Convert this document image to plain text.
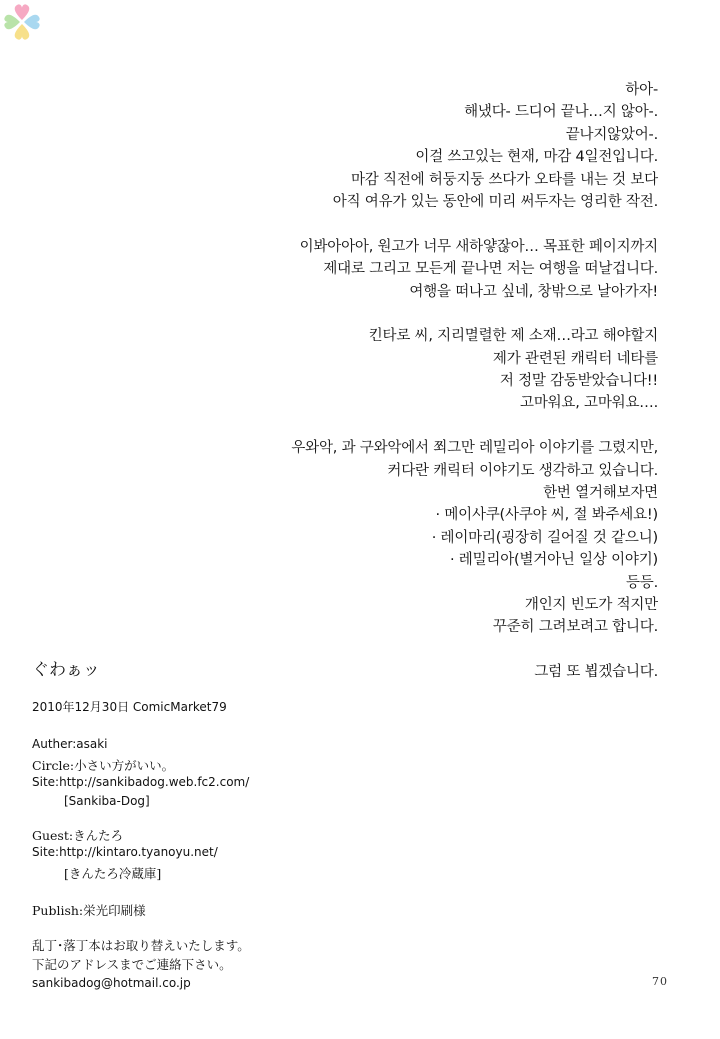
하아-
해냈다- 드디어 끝나…지 않아-.
끝나지않았어-.
이걸 쓰고있는 현재, 마감 4일전입니다.
마감 직전에 허둥지둥 쓰다가 오타를 내는 것 보다
아직 여유가 있는 동안에 미리 써두자는 영리한 작전.
이봐아아아, 원고가 너무 새하얗잖아… 목표한 페이지까지
제대로 그리고 모든게 끝나면 저는 여행을 떠날겁니다.
여행을 떠나고 싶네, 창밖으로 날아가자!
킨타로 씨, 지리멸렬한 제 소재…라고 해야할지
제가 관련된 캐릭터 네타를
저 정말 감동받았습니다!!
고마워요, 고마워요….
우와악, 과 구와악에서 쬐그만 레밀리아 이야기를 그렸지만,
커다란 캐릭터 이야기도 생각하고 있습니다.
한번 열거해보자면
· 메이사쿠(사쿠야 씨, 절 봐주세요!)
· 레이마리(굉장히 길어질 것 같으니)
· 레밀리아(별거아닌 일상 이야기)
등등.
개인지 빈도가 적지만
꾸준히 그려보려고 합니다.
그럼 또 뵙겠습니다.
ぐわぁッ
2010年12月30日 ComicMarket79
Auther:asaki
Circle:小さい方がいい。
Site:http://sankibadog.web.fc2.com/
[Sankiba-Dog]
Guest:きんたろ
Site:http://kintaro.tyanoyu.net/
[きんたろ冷蔵庫]
Publish:栄光印刷様
乱丁･落丁本はお取り替えいたします。
下記のアドレスまでご連絡下さい。
sankibadog@hotmail.co.jp	70
